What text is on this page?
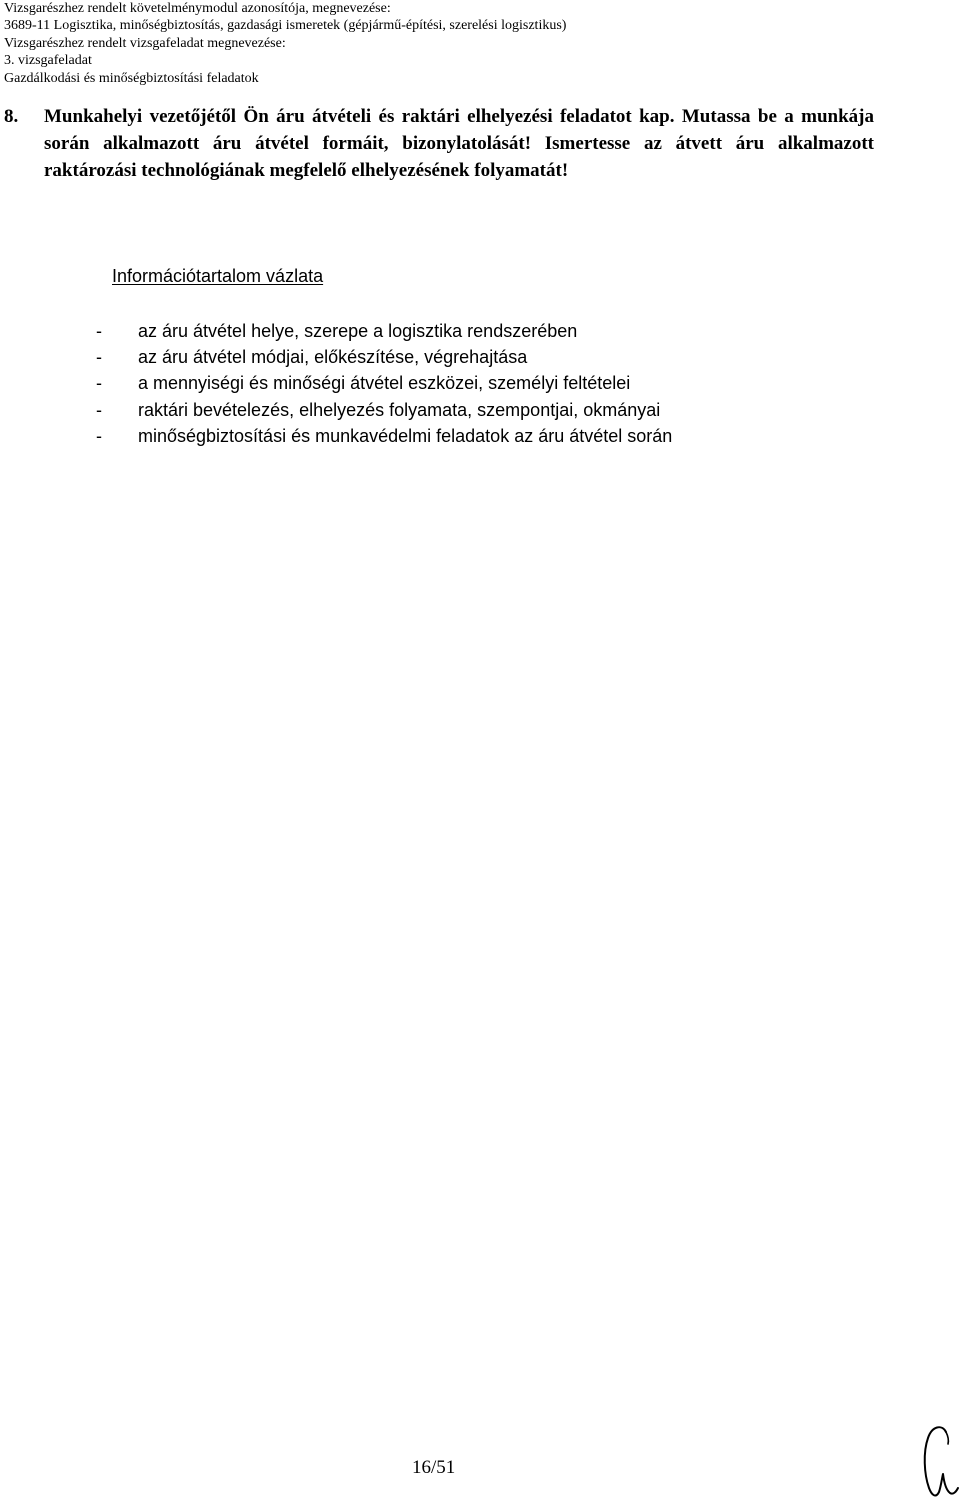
Vizsgarészhez rendelt követelménymodul azonosítója, megnevezése:
3689-11 Logisztika, minőségbiztosítás, gazdasági ismeretek (gépjármű-építési, szerelési logisztikus)
Vizsgarészhez rendelt vizsgafeladat megnevezése:
3. vizsgafeladat
Gazdálkodási és minőségbiztosítási feladatok
8. Munkahelyi vezetőjétől Ön áru átvételi és raktári elhelyezési feladatot kap. Mutassa be a munkája során alkalmazott áru átvétel formáit, bizonylatolását! Ismertesse az átvett áru alkalmazott raktározási technológiának megfelelő elhelyezésének folyamatát!
Információtartalom vázlata
- az áru átvétel helye, szerepe a logisztika rendszerében
- az áru átvétel módjai, előkészítése, végrehajtása
- a mennyiségi és minőségi átvétel eszközei, személyi feltételei
- raktári bevételezés, elhelyezés folyamata, szempontjai, okmányai
- minőségbiztosítási és munkavédelmi feladatok az áru átvétel során
16/51
